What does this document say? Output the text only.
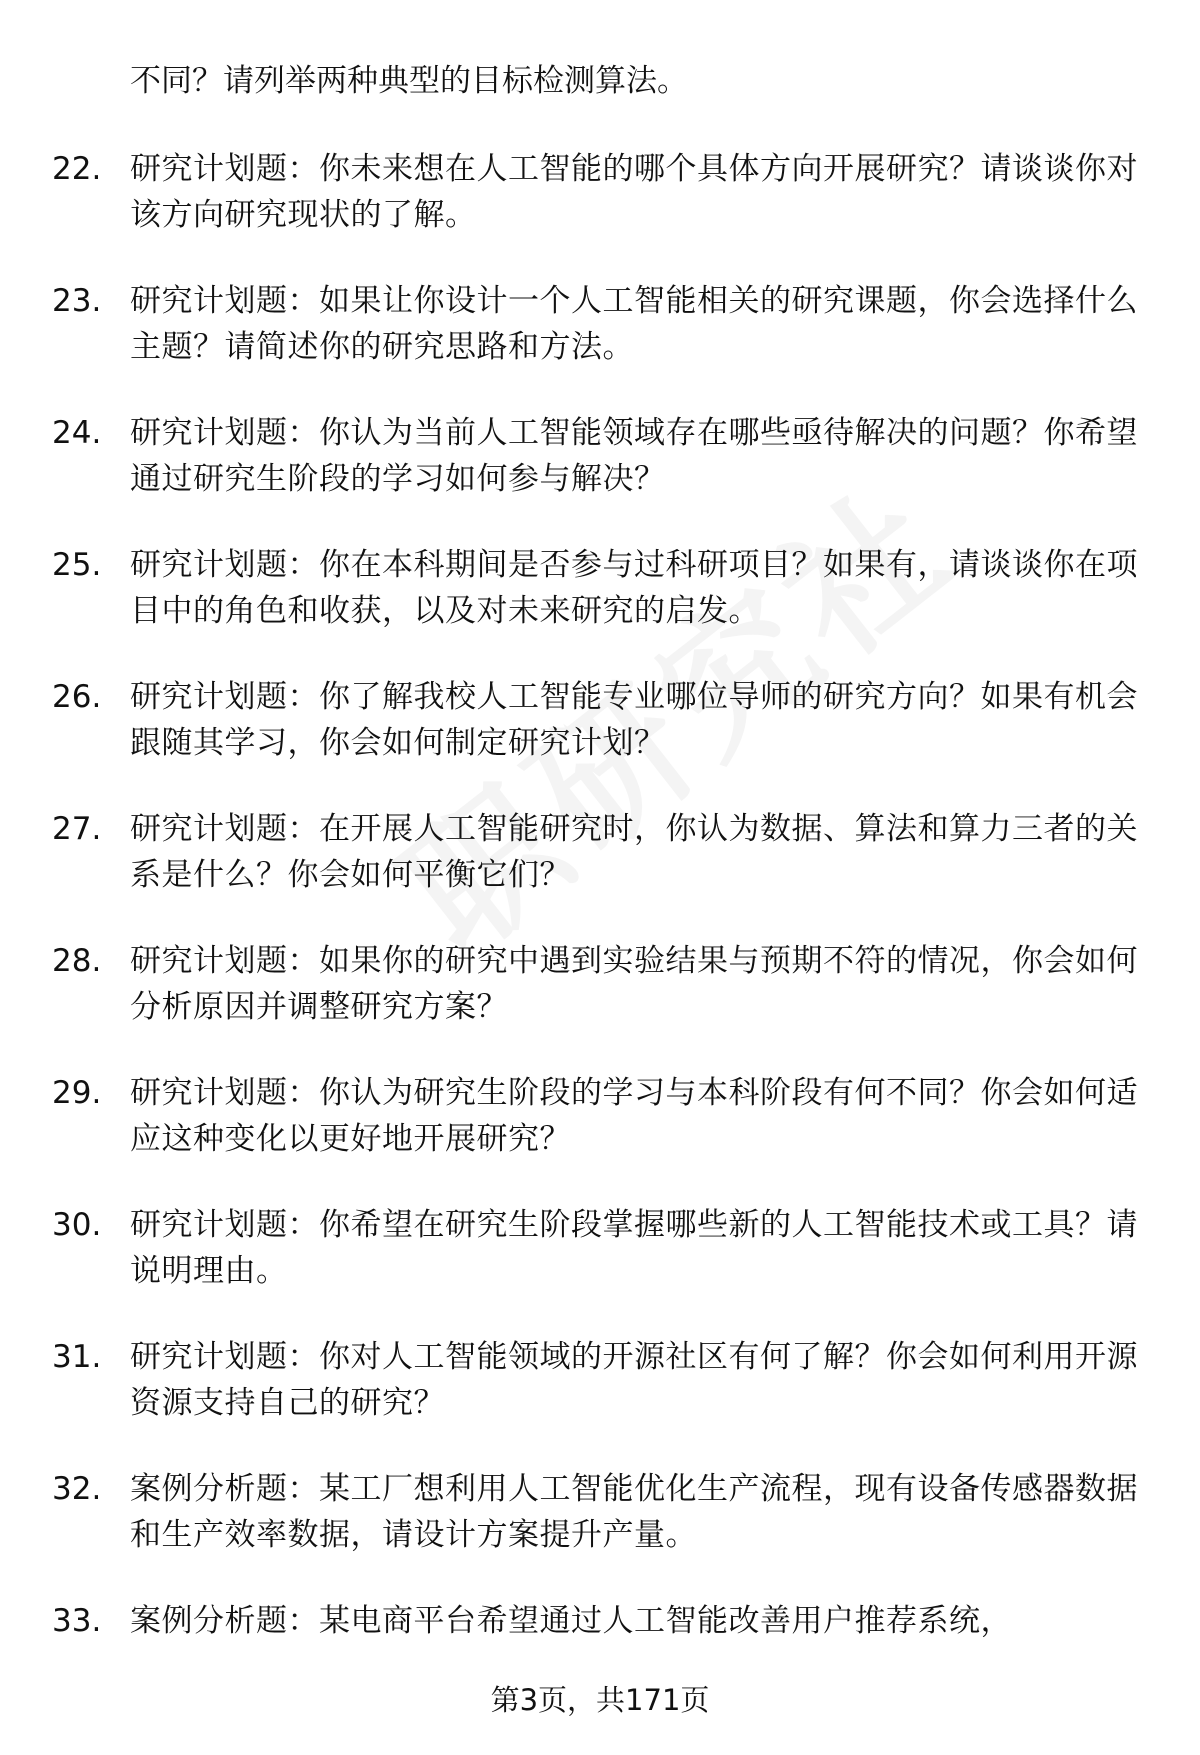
不同？请列举两种典型的目标检测算法。
22. 研究计划题：你未来想在人工智能的哪个具体方向开展研究？请谈谈你对该方向研究现状的了解。
23. 研究计划题：如果让你设计一个人工智能相关的研究课题，你会选择什么主题？请简述你的研究思路和方法。
24. 研究计划题：你认为当前人工智能领域存在哪些亟待解决的问题？你希望通过研究生阶段的学习如何参与解决？
25. 研究计划题：你在本科期间是否参与过科研项目？如果有，请谈谈你在项目中的角色和收获，以及对未来研究的启发。
26. 研究计划题：你了解我校人工智能专业哪位导师的研究方向？如果有机会跟随其学习，你会如何制定研究计划？
27. 研究计划题：在开展人工智能研究时，你认为数据、算法和算力三者的关系是什么？你会如何平衡它们？
28. 研究计划题：如果你的研究中遇到实验结果与预期不符的情况，你会如何分析原因并调整研究方案？
29. 研究计划题：你认为研究生阶段的学习与本科阶段有何不同？你会如何适应这种变化以更好地开展研究？
30. 研究计划题：你希望在研究生阶段掌握哪些新的人工智能技术或工具？请说明理由。
31. 研究计划题：你对人工智能领域的开源社区有何了解？你会如何利用开源资源支持自己的研究？
32. 案例分析题：某工厂想利用人工智能优化生产流程，现有设备传感器数据和生产效率数据，请设计方案提升产量。
33. 案例分析题：某电商平台希望通过人工智能改善用户推荐系统，
第3页，共171页
